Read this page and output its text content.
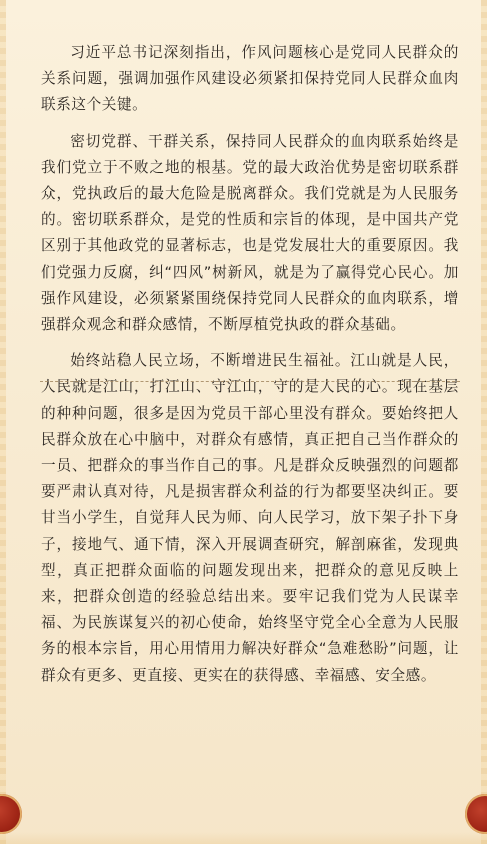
习近平总书记深刻指出，作风问题核心是党同人民群众的关系问题，强调加强作风建设必须紧扣保持党同人民群众血肉联系这个关键。

密切党群、干群关系，保持同人民群众的血肉联系始终是我们党立于不败之地的根基。党的最大政治优势是密切联系群众，党执政后的最大危险是脱离群众。我们党就是为人民服务的。密切联系群众，是党的性质和宗旨的体现，是中国共产党区别于其他政党的显著标志，也是党发展壮大的重要原因。我们党强力反腐，纠“四风”树新风，就是为了赢得党心民心。加强作风建设，必须紧紧围绕保持党同人民群众的血肉联系，增强群众观念和群众感情，不断厚植党执政的群众基础。

始终站稳人民立场，不断增进民生福祉。江山就是人民，人民就是江山，打江山、守江山，守的是人民的心。现在基层的种种问题，很多是因为党员干部心里没有群众。要始终把人民群众放在心中脑中，对群众有感情，真正把自己当作群众的一员、把群众的事当作自己的事。凡是群众反映强烈的问题都要严肃认真对待，凡是损害群众利益的行为都要坚决纠正。要甘当小学生，自觉拜人民为师、向人民学习，放下架子扑下身子，接地气、通下情，深入开展调查研究，解剖麻雀，发现典型，真正把群众面临的问题发现出来，把群众的意见反映上来，把群众创造的经验总结出来。要牢记我们党为人民谋幸福、为民族谋复兴的初心使命，始终坚守党全心全意为人民服务的根本宗旨，用心用情用力解决好群众“急难愁盼”问题，让群众有更多、更直接、更实在的获得感、幸福感、安全感。
